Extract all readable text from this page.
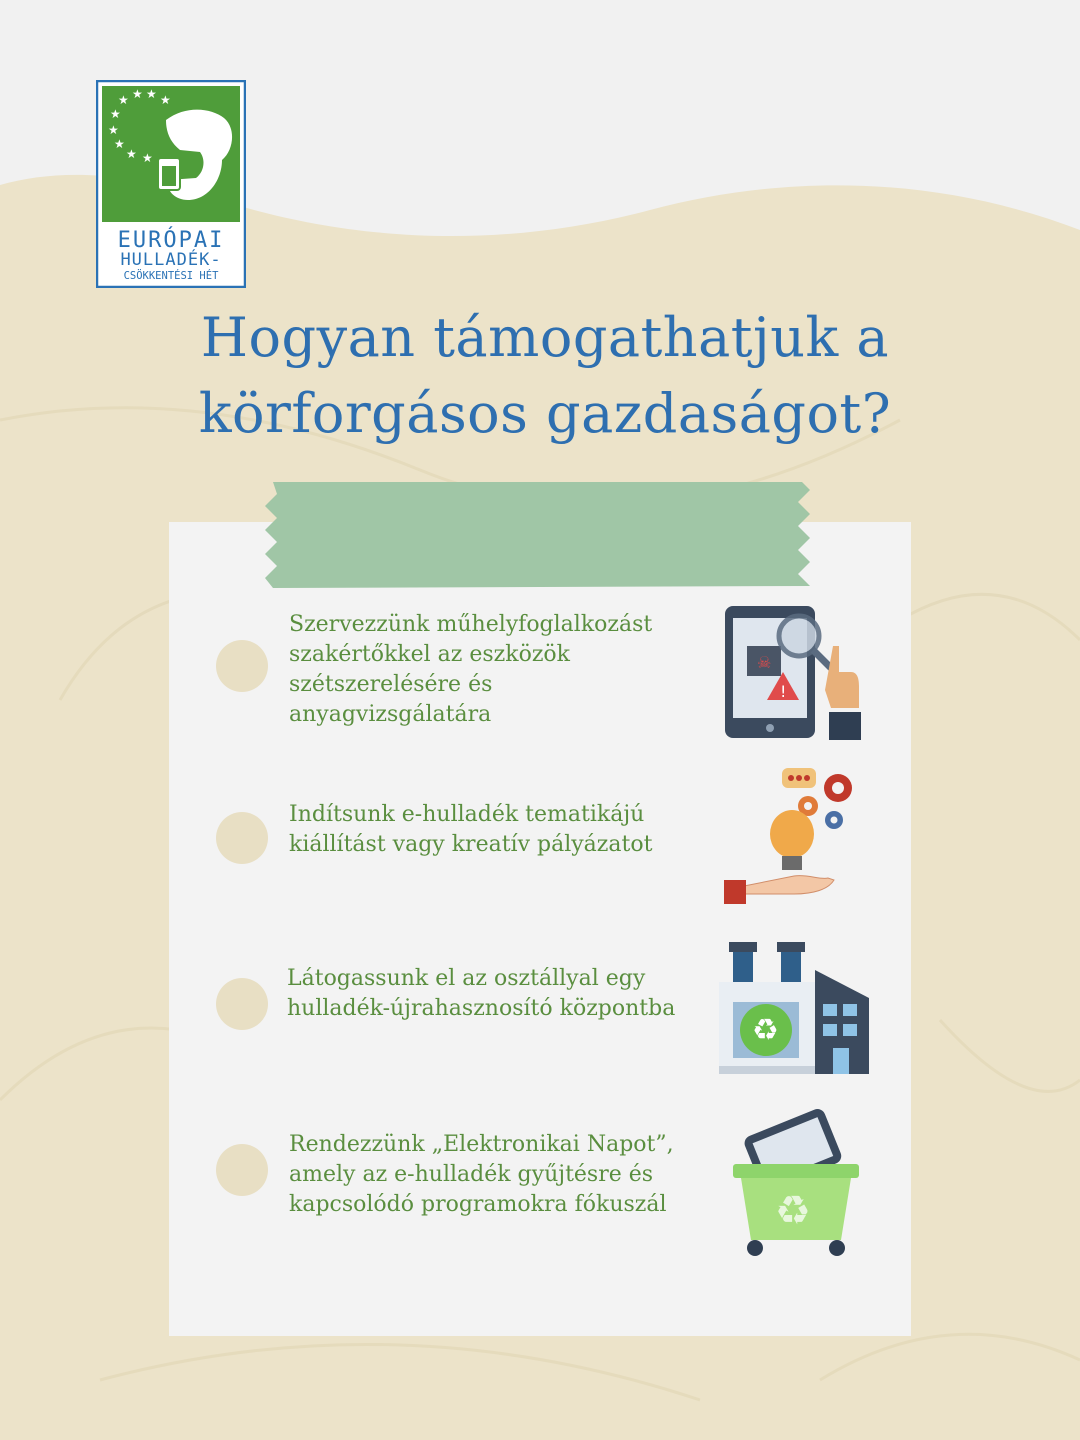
★ ★ ★ ★
★
★
★
★ ★
EURÓPAI
HULLADÉK-
CSÖKKENTÉSI HÉT
Hogyan támogathatjuk a
körforgásos gazdaságot?
Szervezzünk műhelyfoglalkozást szakértőkkel az eszközök szétszerelésére és anyagvizsgálatára
☠
!
Indítsunk e-hulladék tematikájú kiállítást vagy kreatív pályázatot
Látogassunk el az osztállyal egy hulladék-újrahasznosító központba
♻
Rendezzünk „Elektronikai Napot”, amely az e-hulladék gyűjtésre és kapcsolódó programokra fókuszál	♻
